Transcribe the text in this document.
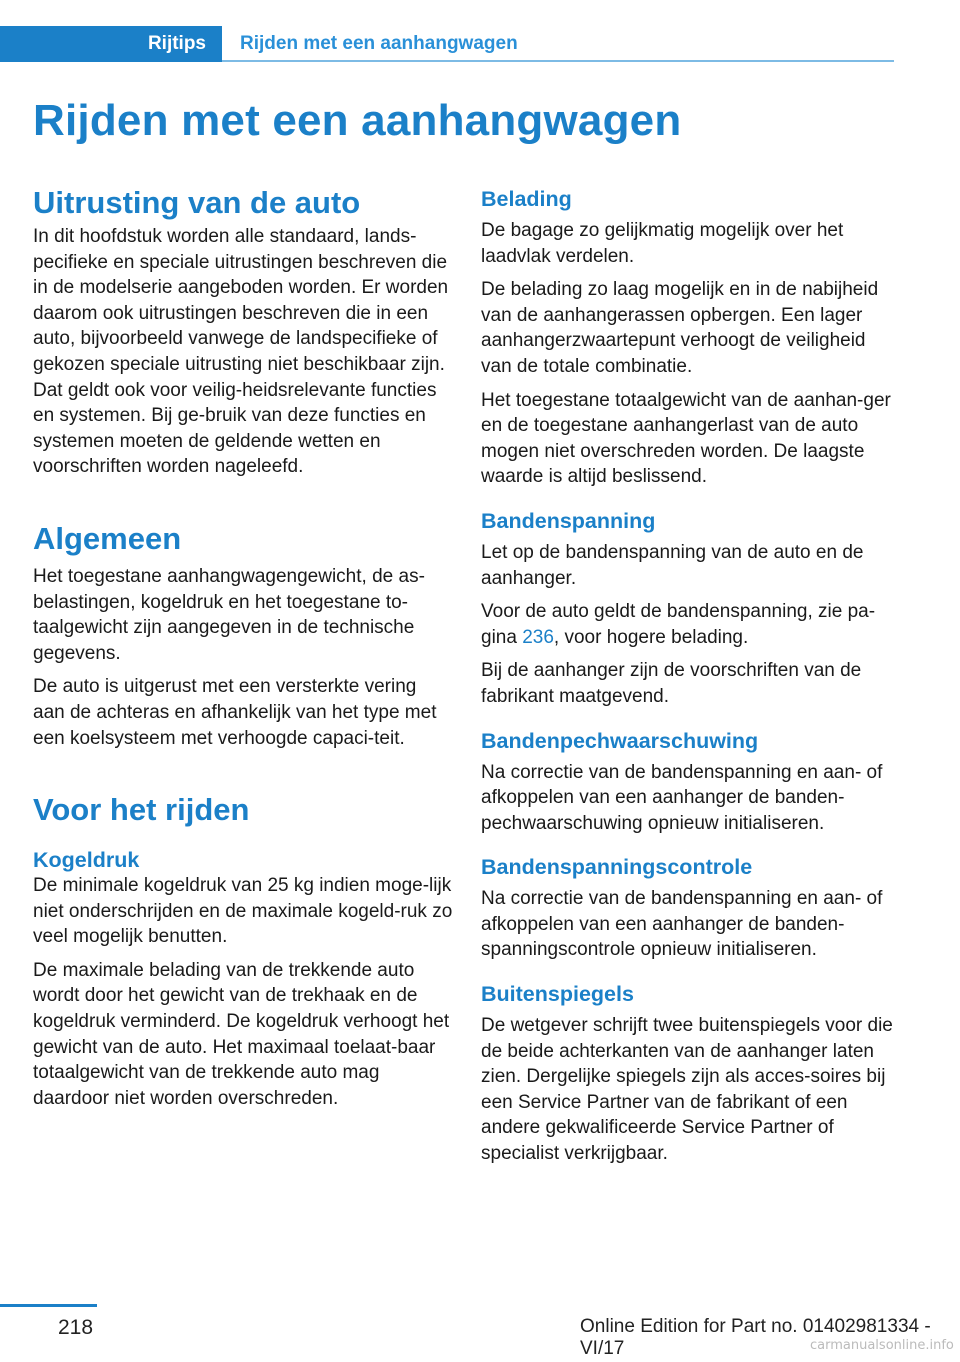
Rijtips Rijden met een aanhangwagen
Rijden met een aanhangwagen
Uitrusting van de auto

In dit hoofdstuk worden alle standaard, lands-pecifieke en speciale uitrustingen beschreven die in de modelserie aangeboden worden. Er worden daarom ook uitrustingen beschreven die in een auto, bijvoorbeeld vanwege de landspecifieke of gekozen speciale uitrusting niet beschikbaar zijn. Dat geldt ook voor veilig-heidsrelevante functies en systemen. Bij ge-bruik van deze functies en systemen moeten de geldende wetten en voorschriften worden nageleefd.

Algemeen

Het toegestane aanhangwagengewicht, de as-belastingen, kogeldruk en het toegestane to-taalgewicht zijn aangegeven in de technische gegevens.

De auto is uitgerust met een versterkte vering aan de achteras en afhankelijk van het type met een koelsysteem met verhoogde capaci-teit.

Voor het rijden
Kogeldruk

De minimale kogeldruk van 25 kg indien moge-lijk niet onderschrijden en de maximale kogeld-ruk zo veel mogelijk benutten.

De maximale belading van de trekkende auto wordt door het gewicht van de trekhaak en de kogeldruk verminderd. De kogeldruk verhoogt het gewicht van de auto. Het maximaal toelaat-baar totaalgewicht van de trekkende auto mag daardoor niet worden overschreden.

Belading

De bagage zo gelijkmatig mogelijk over het laadvlak verdelen.

De belading zo laag mogelijk en in de nabijheid van de aanhangerassen opbergen. Een lager aanhangerzwaartepunt verhoogt de veiligheid van de totale combinatie.

Het toegestane totaalgewicht van de aanhan-ger en de toegestane aanhangerlast van de auto mogen niet overschreden worden. De laagste waarde is altijd beslissend.

Bandenspanning

Let op de bandenspanning van de auto en de aanhanger.

Voor de auto geldt de bandenspanning, zie pa-gina 236, voor hogere belading.

Bij de aanhanger zijn de voorschriften van de fabrikant maatgevend.

Bandenpechwaarschuwing

Na correctie van de bandenspanning en aan- of afkoppelen van een aanhanger de banden-pechwaarschuwing opnieuw initialiseren.

Bandenspanningscontrole

Na correctie van de bandenspanning en aan- of afkoppelen van een aanhanger de banden-spanningscontrole opnieuw initialiseren.

Buitenspiegels

De wetgever schrijft twee buitenspiegels voor die de beide achterkanten van de aanhanger laten zien. Dergelijke spiegels zijn als acces-soires bij een Service Partner van de fabrikant of een andere gekwalificeerde Service Partner of specialist verkrijgbaar.

218	Online Edition for Part no. 01402981334 - VI/17	carmanualsonline.info
